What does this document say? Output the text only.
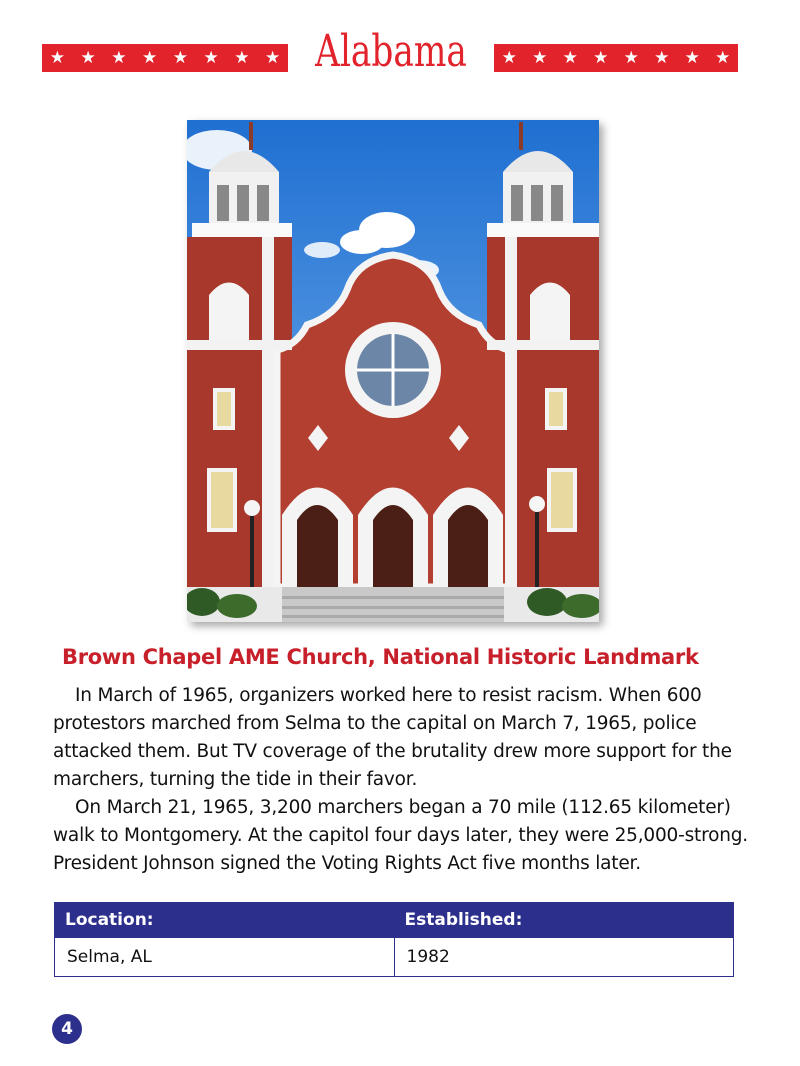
★ ★ ★ ★ ★ ★ ★ ★ Alabama ★ ★ ★ ★ ★ ★ ★ ★
Brown Chapel AME Church, National Historic Landmark

In March of 1965, organizers worked here to resist racism. When 600 protestors marched from Selma to the capital on March 7, 1965, police attacked them. But TV coverage of the brutality drew more support for the marchers, turning the tide in their favor.

On March 21, 1965, 3,200 marchers began a 70 mile (112.65 kilometer) walk to Montgomery. At the capitol four days later, they were 25,000-strong. President Johnson signed the Voting Rights Act five months later.

Location:	Established:
Selma, AL	1982
4
